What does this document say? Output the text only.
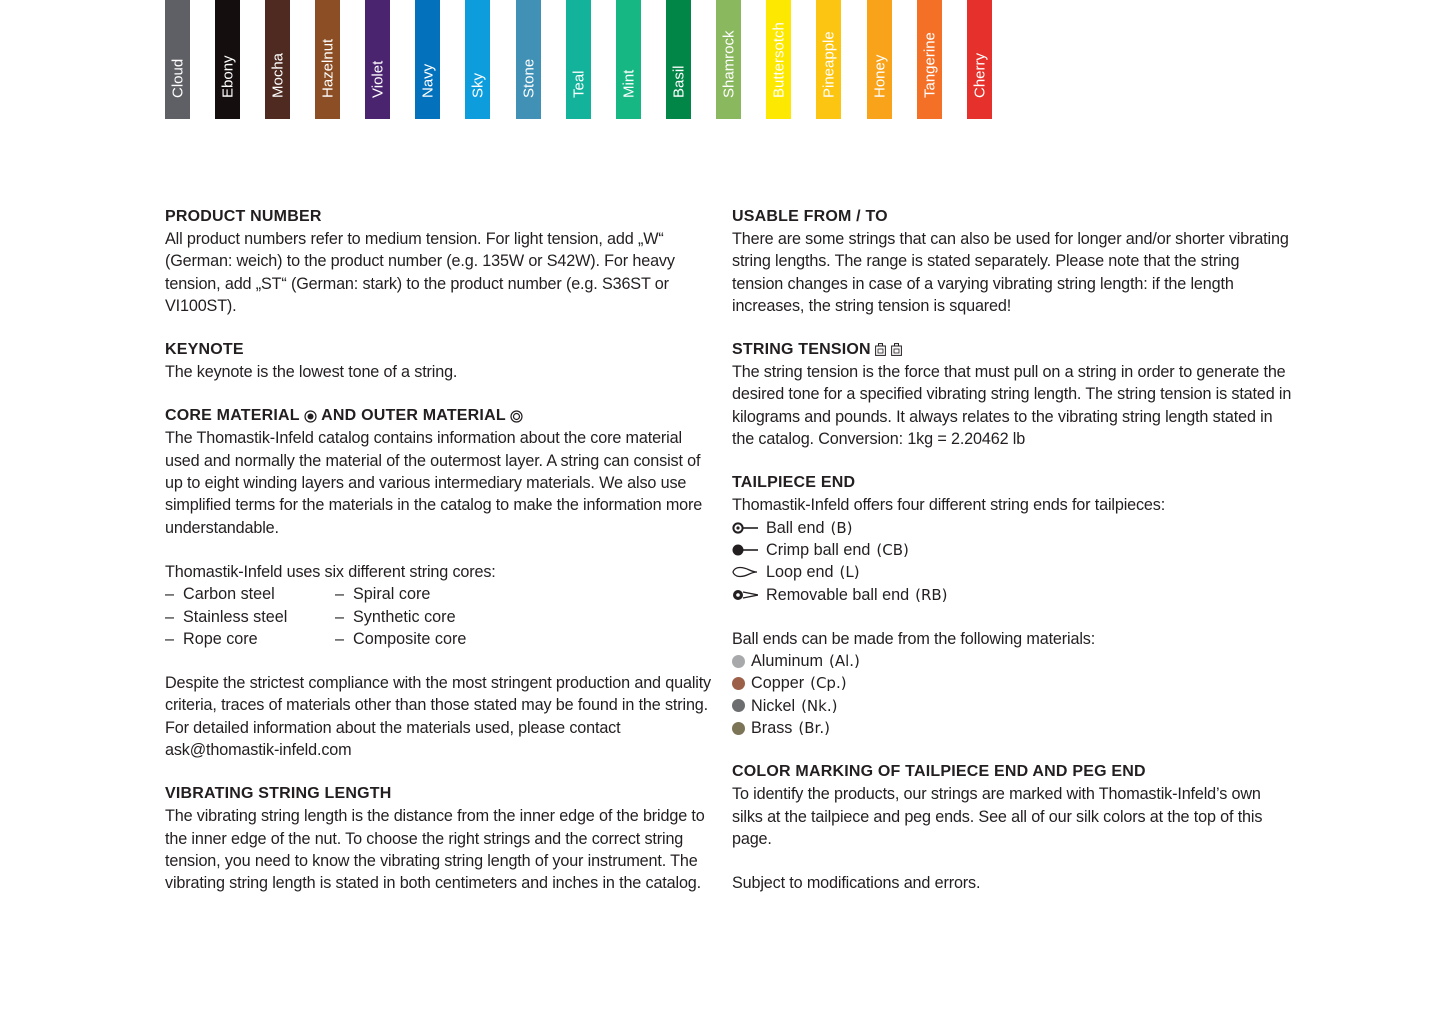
Cloud Ebony Mocha Hazelnut Violet Navy Sky Stone Teal Mint Basil Shamrock Buttersotch Pineapple Honey Tangerine Cherry
PRODUCT NUMBER

All product numbers refer to medium tension. For light tension, add „W“ (German: weich) to the product number (e.g. 135W or S42W). For heavy tension, add „ST“ (German: stark) to the product number (e.g. S36ST or VI100ST).

KEYNOTE

The keynote is the lowest tone of a string.

CORE MATERIAL AND OUTER MATERIAL

The Thomastik-Infeld catalog contains information about the core material used and normally the material of the outermost layer. A string can consist of up to eight winding layers and various intermediary materials. We also use simplified terms for the materials in the catalog to make the information more understandable.

Thomastik-Infeld uses six different string cores:

–  Carbon steel	–  Spiral core
–  Stainless steel	–  Synthetic core
–  Rope core	–  Composite core

Despite the strictest compliance with the most stringent production and quality criteria, traces of materials other than those stated may be found in the string. For detailed information about the materials used, please contact ask@thomastik-infeld.com

VIBRATING STRING LENGTH

The vibrating string length is the distance from the inner edge of the bridge to the inner edge of the nut. To choose the right strings and the correct string tension, you need to know the vibrating string length of your instrument. The vibrating string length is stated in both centimeters and inches in the catalog.

USABLE FROM / TO

There are some strings that can also be used for longer and/or shorter vibrating string lengths. The range is stated separately. Please note that the string tension changes in case of a varying vibrating string length: if the length increases, the string tension is squared!

STRING TENSION

The string tension is the force that must pull on a string in order to generate the desired tone for a specified vibrating string length. The string tension is stated in kilograms and pounds. It always relates to the vibrating string length stated in the catalog. Conversion: 1kg = 2.20462 lb

TAILPIECE END

Thomastik-Infeld offers four different string ends for tailpieces:

Ball end (B)
Crimp ball end (CB)
Loop end (L)
Removable ball end (RB)

Ball ends can be made from the following materials:

Aluminum (Al.)
Copper (Cp.)
Nickel (Nk.)
Brass (Br.)
COLOR MARKING OF TAILPIECE END AND PEG END

To identify the products, our strings are marked with Thomastik-Infeld’s own silks at the tailpiece and peg ends. See all of our silk colors at the top of this page.

Subject to modifications and errors.
